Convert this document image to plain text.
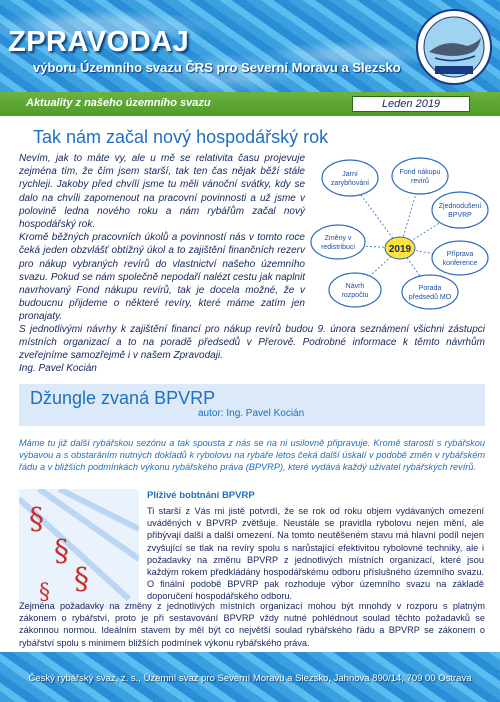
ZPRAVODAJ
výboru Územního svazu ČRS pro Severní Moravu a Slezsko
Aktuality z našeho územního svazu	Leden 2019
Tak nám začal nový hospodářský rok

Nevím, jak to máte vy, ale u mě se relativita času projevuje zejména tím, že čím jsem starší, tak ten čas nějak běží stále rychleji. Jakoby před chvílí jsme tu měli vánoční svátky, kdy se dalo na chvíli zapomenout na pracovní povinnosti a už jsme v polovině ledna nového roku a nám rybářům začal nový hospodářský rok.

Kromě běžných pracovních úkolů a povinností nás v tomto roce čeká jeden obzvlášť obtížný úkol a to zajištění finančních rezerv pro nákup vybraných revírů do vlastnictví našeho územního svazu. Pokud se nám společně nepodaří nalézt cestu jak naplnit navrhovaný Fond nákupu revírů, tak je docela možné, že v budoucnu přijdeme o některé revíry, které máme zatím jen pronajaty.

Jarní
zarybňování
Fond nákupu
revírů
Zjednodušení
BPVRP
Změny v
redistribuci
Příprava
konference
Návrh
rozpočtu
Porada
předsedů MO
2019
S jednotlivými návrhy k zajištění financí pro nákup revírů budou 9. února seznámení všichni zástupci místních organizací a to na poradě předsedů v Přerově. Podrobné informace k těmto návrhům zveřejníme samozřejmě i v našem Zpravodaji.
Ing. Pavel Kocián
Džungle zvaná BPVRP
autor: Ing. Pavel Kocián
Máme tu již další rybářskou sezónu a tak spousta z nás se na ni usilovně připravuje. Kromě starostí s rybářskou výbavou a s obstaráním nutných dokladů k rybolovu na rybáře letos čeká další úskalí v podobě změn v rybářském řádu a v bližších podmínkách výkonu rybářského práva (BPVRP), které vydává každý uživatel rybářských revírů.
§
§
§
§
Plíživé bobtnání BPVRP
Ti starší z Vás mi jistě potvrdí, že se rok od roku objem vydávaných omezení uváděných v BPVRP zvětšuje. Neustále se pravidla rybolovu nejen mění, ale přibývají další a další omezení. Na tomto neutěšeném stavu má hlavní podíl nejen zvyšující se tlak na revíry spolu s narůstající efektivitou rybolovné techniky, ale i požadavky na změnu BPVRP z jednotlivých místních organizací, které jsou každým rokem předkládány hospodářskému odboru příslušného územního svazu. O finální podobě BPVRP pak rozhoduje výbor územního svazu na základě doporučení hospodářského odboru.
Zejména požadavky na změny z jednotlivých místních organizací mohou být mnohdy v rozporu s platným zákonem o rybářství, proto je při sestavování BPVRP vždy nutné pohlédnout soulad těchto požadavků se zákonnou normou. Ideálním stavem by měl být co největší soulad rybářského řádu a BPVRP se zákonem o rybářství spolu s minimem bližších podmínek výkonu rybářského práva.
Český rybářský svaz, z. s., Územní svaz pro Severní Moravu a Slezsko, Jahnova 890/14, 709 00 Ostrava
